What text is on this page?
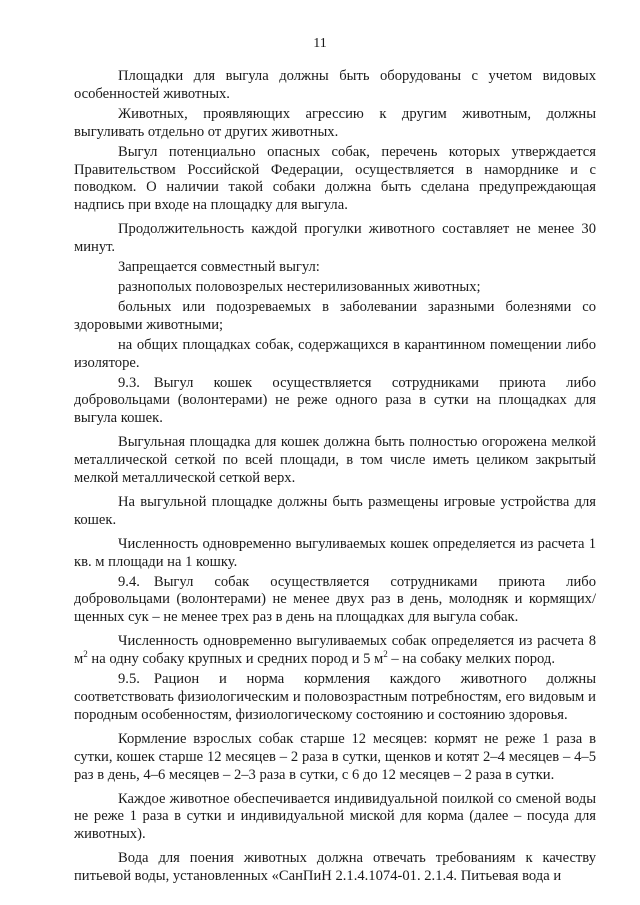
11

Площадки для выгула должны быть оборудованы с учетом видовых особенностей животных.

Животных, проявляющих агрессию к другим животным, должны выгуливать отдельно от других животных.

Выгул потенциально опасных собак, перечень которых утверждается Правительством Российской Федерации, осуществляется в наморднике и с поводком. О наличии такой собаки должна быть сделана предупреждающая надпись при входе на площадку для выгула.

Продолжительность каждой прогулки животного составляет не менее 30 минут.

Запрещается совместный выгул:

разнополых половозрелых нестерилизованных животных;

больных или подозреваемых в заболевании заразными болезнями со здоровыми животными;

на общих площадках собак, содержащихся в карантинном помещении либо изоляторе.

9.3. Выгул кошек осуществляется сотрудниками приюта либо добровольцами (волонтерами) не реже одного раза в сутки на площадках для выгула кошек.

Выгульная площадка для кошек должна быть полностью огорожена мелкой металлической сеткой по всей площади, в том числе иметь целиком закрытый мелкой металлической сеткой верх.

На выгульной площадке должны быть размещены игровые устройства для кошек.

Численность одновременно выгуливаемых кошек определяется из расчета 1 кв. м площади на 1 кошку.

9.4. Выгул собак осуществляется сотрудниками приюта либо добровольцами (волонтерами) не менее двух раз в день, молодняк и кормящих/щенных сук – не менее трех раз в день на площадках для выгула собак.

Численность одновременно выгуливаемых собак определяется из расчета 8 $м^2$ на одну собаку крупных и средних пород и 5 $м^2$ – на собаку мелких пород.

9.5. Рацион и норма кормления каждого животного должны соответствовать физиологическим и половозрастным потребностям, его видовым и породным особенностям, физиологическому состоянию и состоянию здоровья.

Кормление взрослых собак старше 12 месяцев: кормят не реже 1 раза в сутки, кошек старше 12 месяцев – 2 раза в сутки, щенков и котят 2–4 месяцев – 4–5 раз в день, 4–6 месяцев – 2–3 раза в сутки, с 6 до 12 месяцев – 2 раза в сутки.

Каждое животное обеспечивается индивидуальной поилкой со сменой воды не реже 1 раза в сутки и индивидуальной миской для корма (далее – посуда для животных).

Вода для поения животных должна отвечать требованиям к качеству питьевой воды, установленных «СанПиН 2.1.4.1074-01. 2.1.4. Питьевая вода и
